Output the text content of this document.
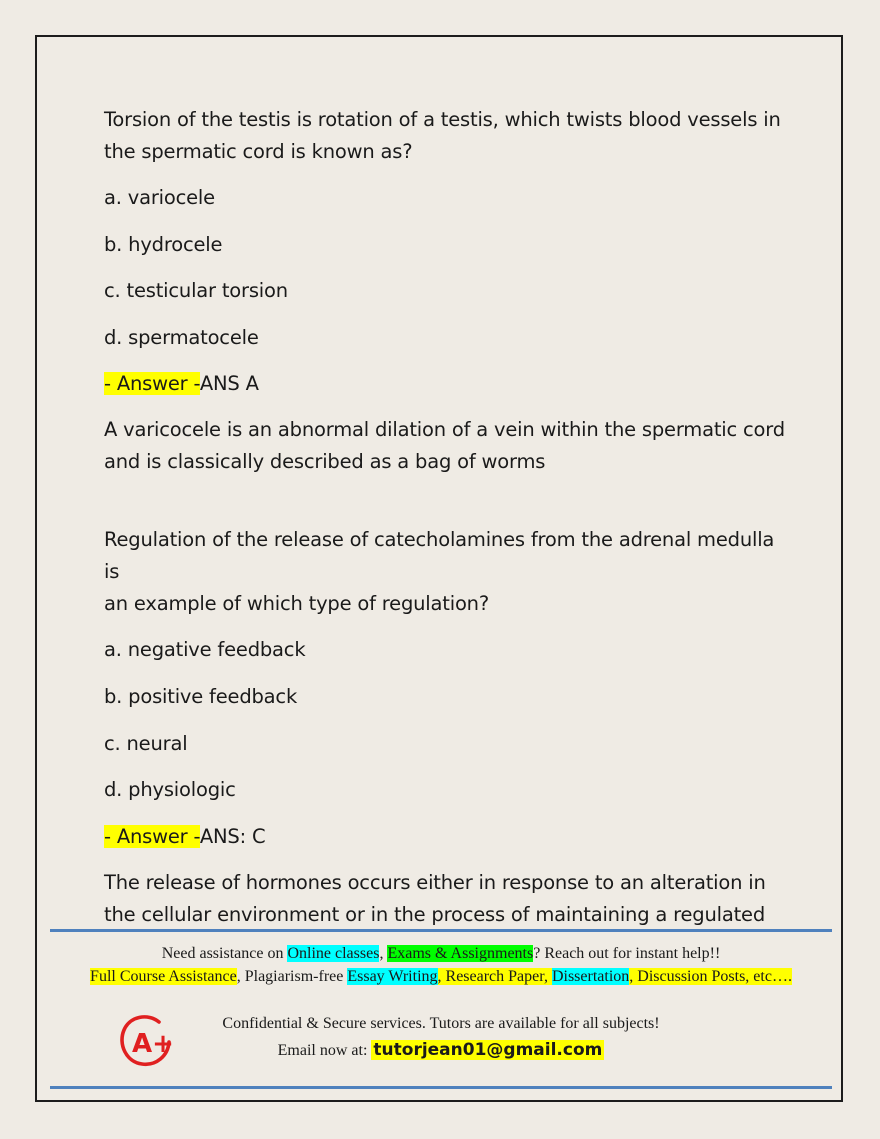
Torsion of the testis is rotation of a testis, which twists blood vessels in
the spermatic cord is known as?
a. variocele
b. hydrocele
c. testicular torsion
d. spermatocele
- Answer -ANS A
A varicocele is an abnormal dilation of a vein within the spermatic cord
and is classically described as a bag of worms
Regulation of the release of catecholamines from the adrenal medulla is
an example of which type of regulation?
a. negative feedback
b. positive feedback
c. neural
d. physiologic
- Answer -ANS: C
The release of hormones occurs either in response to an alteration in
the cellular environment or in the process of maintaining a regulated
Need assistance on Online classes, Exams & Assignments? Reach out for instant help!!
Full Course Assistance, Plagiarism-free Essay Writing, Research Paper, Dissertation, Discussion Posts, etc….
A+
Confidential & Secure services. Tutors are available for all subjects!
Email now at: tutorjean01@gmail.com
